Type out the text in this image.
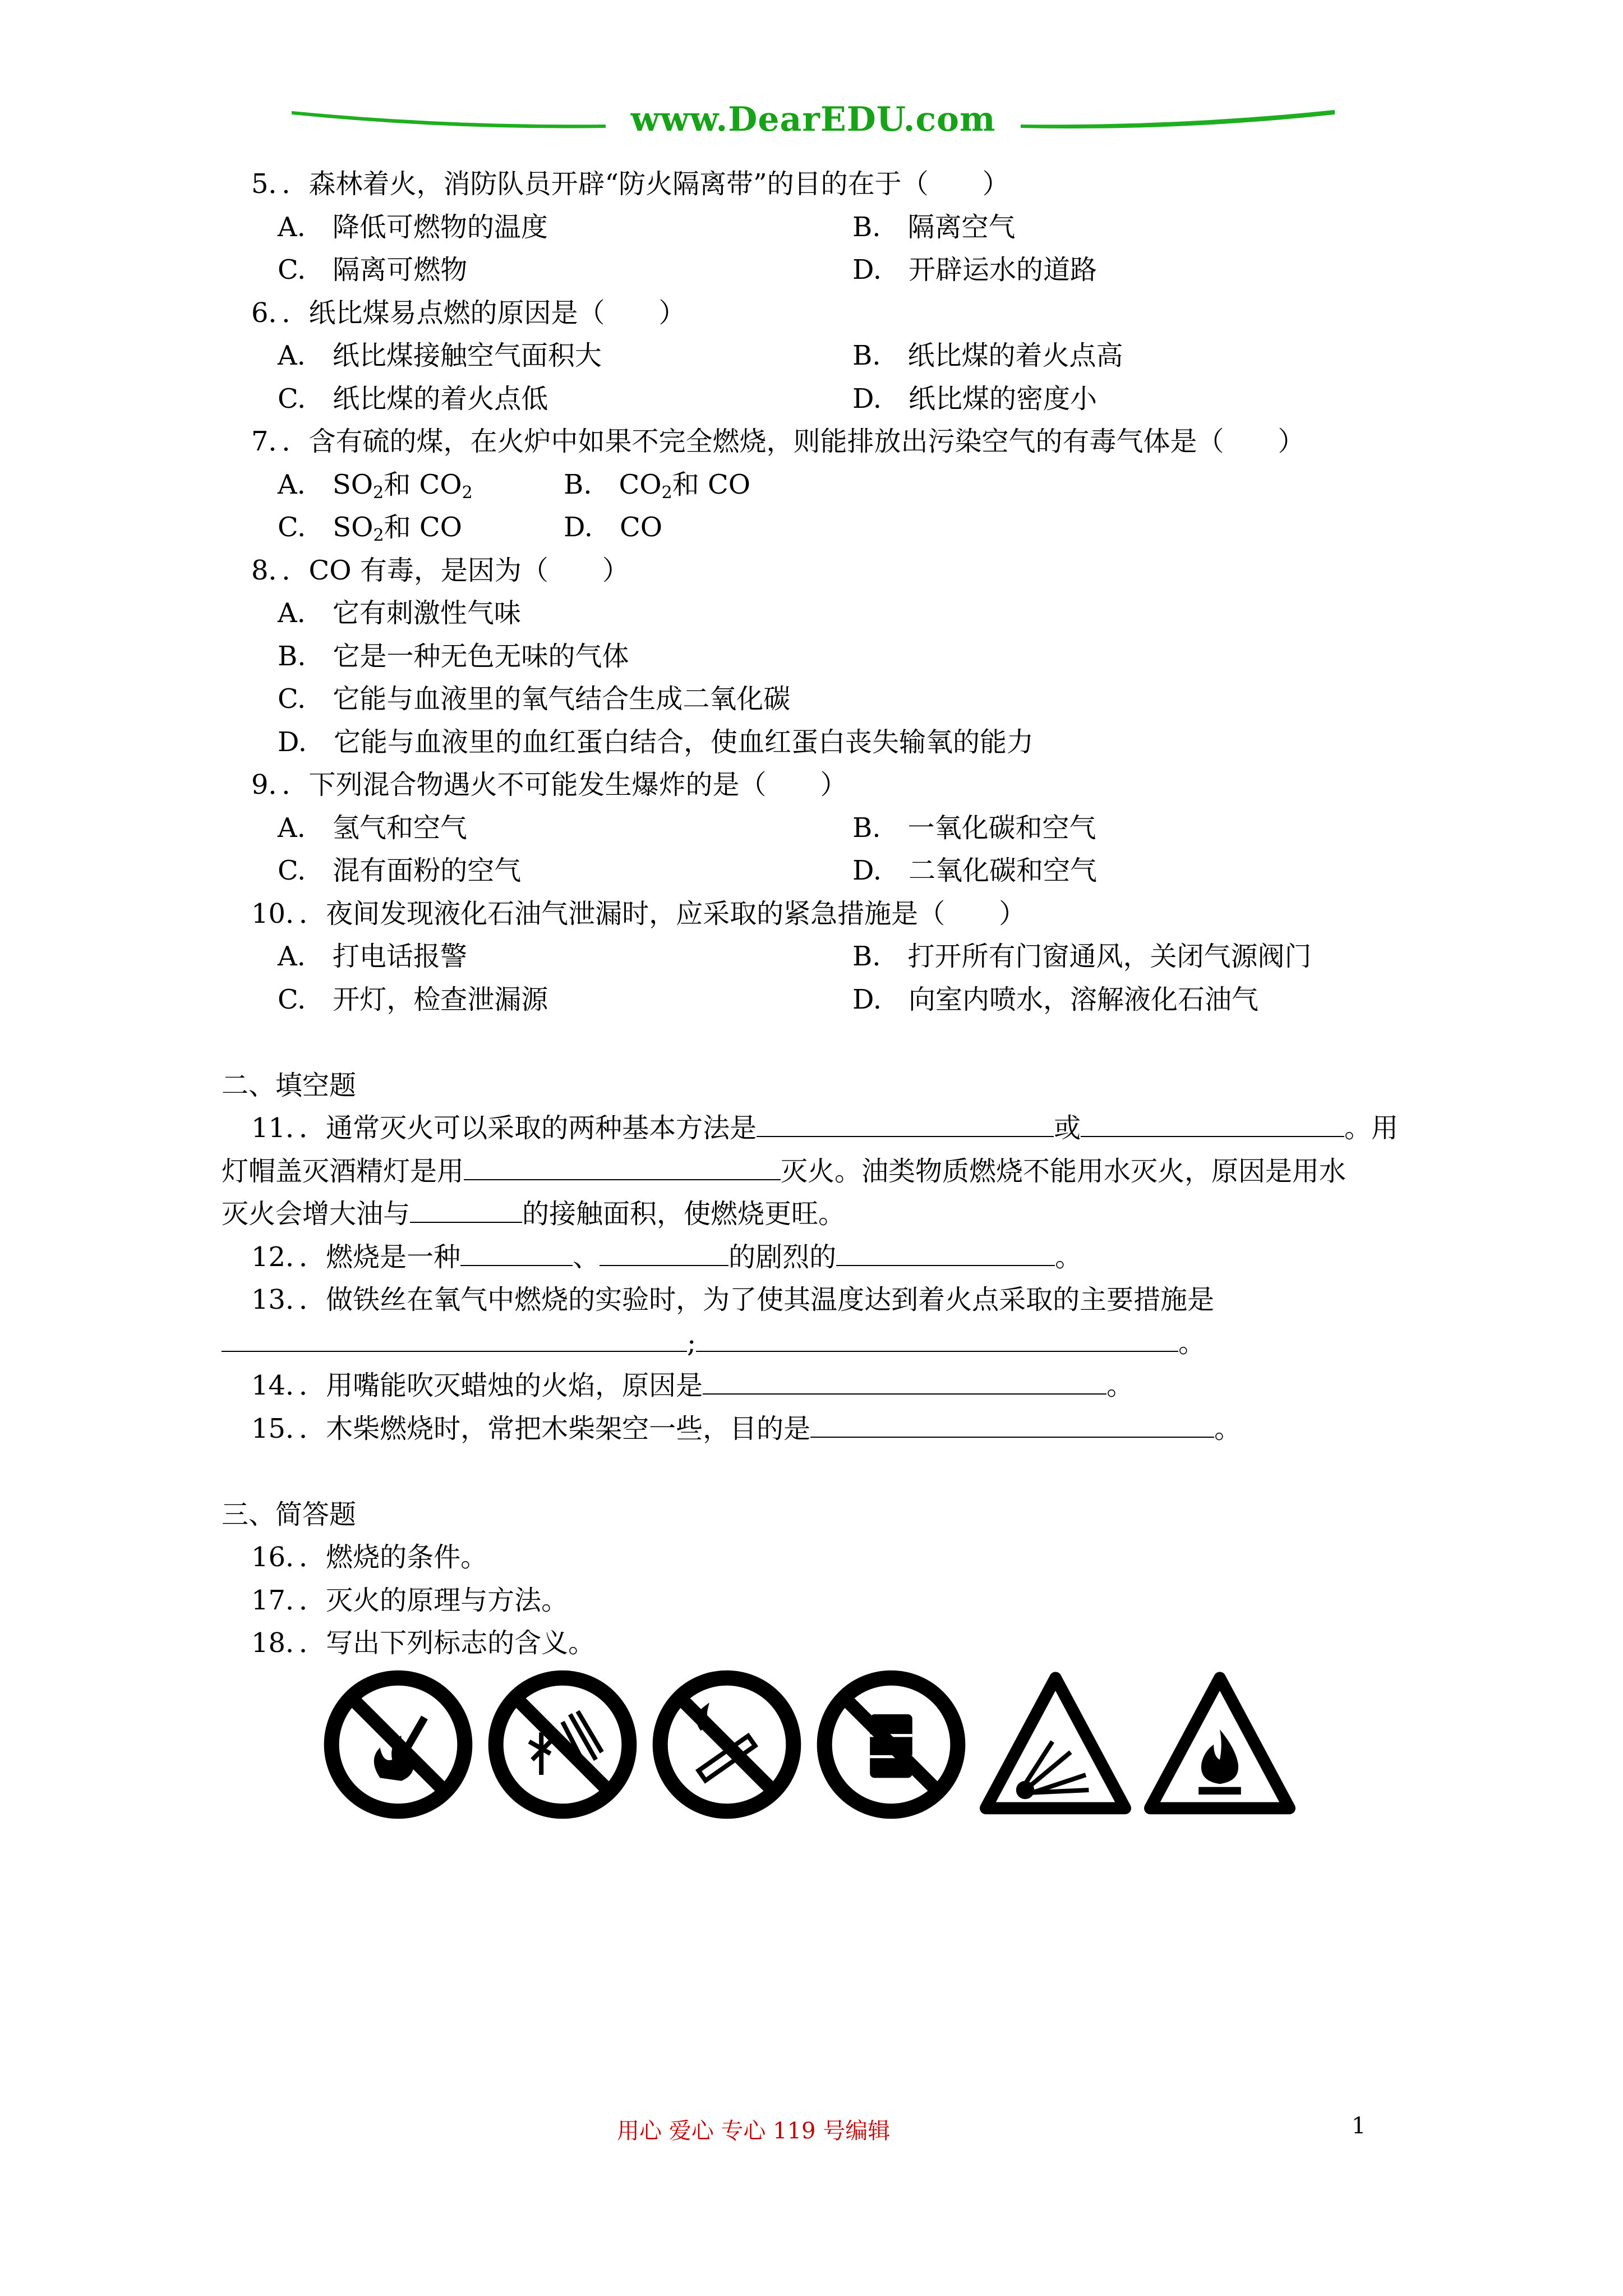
www.DearEDU.com
5．．森林着火，消防队员开辟“防火隔离带”的目的在于（　　）
A.　降低可燃物的温度	B.　隔离空气
C.　隔离可燃物	D.　开辟运水的道路
6．．纸比煤易点燃的原因是（　　）
A.　纸比煤接触空气面积大	B.　纸比煤的着火点高
C.　纸比煤的着火点低	D.　纸比煤的密度小
7．．含有硫的煤，在火炉中如果不完全燃烧，则能排放出污染空气的有毒气体是（　　）
A.　$SO_2$和 $CO_2$	B.　$CO_2$和 CO
C.　$SO_2$和 CO	D.　CO
8．．CO 有毒，是因为（　　）
A.　它有刺激性气味
B.　它是一种无色无味的气体
C.　它能与血液里的氧气结合生成二氧化碳
D.　它能与血液里的血红蛋白结合，使血红蛋白丧失输氧的能力
9．．下列混合物遇火不可能发生爆炸的是（　　）
A.　氢气和空气	B.　一氧化碳和空气
C.　混有面粉的空气	D.　二氧化碳和空气
10．．夜间发现液化石油气泄漏时，应采取的紧急措施是（　　）
A.　打电话报警	B.　打开所有门窗通风，关闭气源阀门
C.　开灯，检查泄漏源	D.　向室内喷水，溶解液化石油气
二、填空题
11．．通常灭火可以采取的两种基本方法是	或	。用
灯帽盖灭酒精灯是用	灭火。油类物质燃烧不能用水灭火，原因是用水
灭火会增大油与	的接触面积，使燃烧更旺。
12．．燃烧是一种	、	的剧烈的	。
13．．做铁丝在氧气中燃烧的实验时，为了使其温度达到着火点采取的主要措施是
;	。
14．．用嘴能吹灭蜡烛的火焰，原因是	。
15．．木柴燃烧时，常把木柴架空一些，目的是	。
三、简答题
16．．燃烧的条件。
17．．灭火的原理与方法。
18．．写出下列标志的含义。
用心 爱心 专心 119 号编辑	1
